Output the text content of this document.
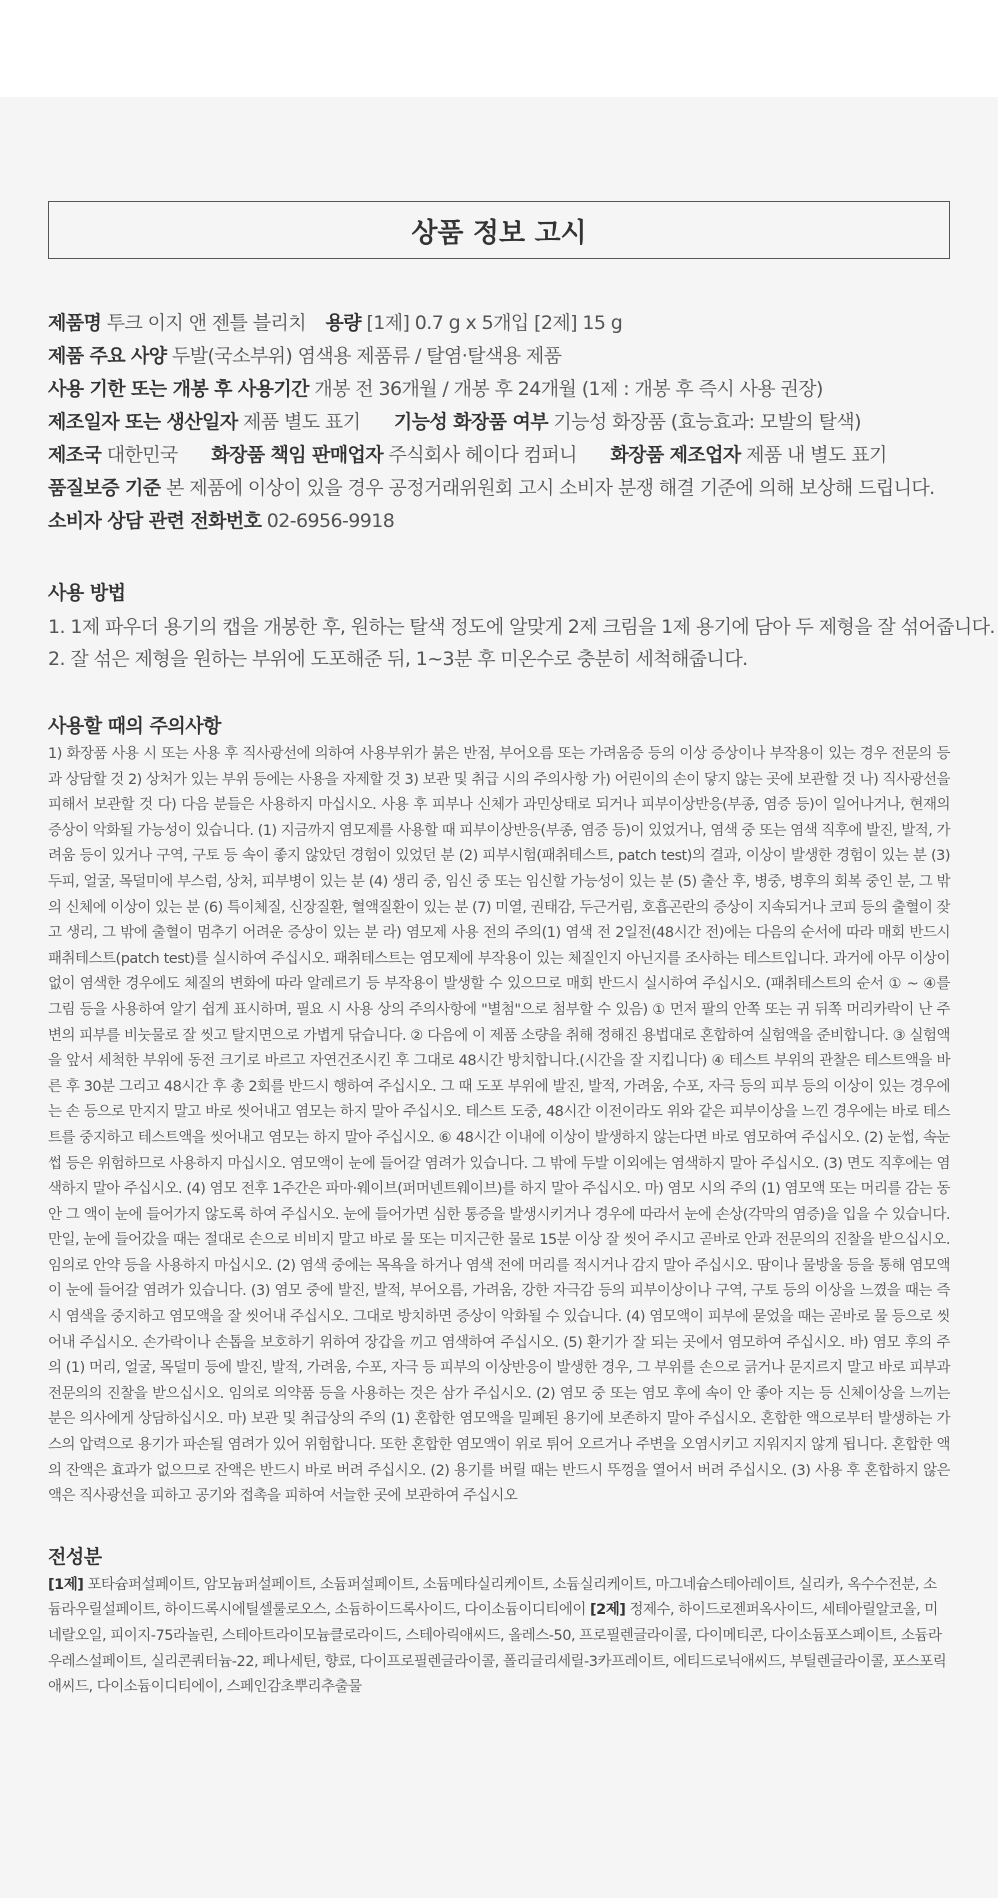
상품 정보 고시
제품명 투크 이지 앤 젠틀 블리치 용량 [1제] 0.7 g x 5개입 [2제] 15 g
제품 주요 사양 두발(국소부위) 염색용 제품류 / 탈염·탈색용 제품
사용 기한 또는 개봉 후 사용기간 개봉 전 36개월 / 개봉 후 24개월 (1제 : 개봉 후 즉시 사용 권장)
제조일자 또는 생산일자 제품 별도 표기 기능성 화장품 여부 기능성 화장품 (효능효과: 모발의 탈색)
제조국 대한민국 화장품 책임 판매업자 주식회사 헤이다 컴퍼니 화장품 제조업자 제품 내 별도 표기
품질보증 기준 본 제품에 이상이 있을 경우 공정거래위원회 고시 소비자 분쟁 해결 기준에 의해 보상해 드립니다.
소비자 상담 관련 전화번호 02-6956-9918
사용 방법
1. 1제 파우더 용기의 캡을 개봉한 후, 원하는 탈색 정도에 알맞게 2제 크림을 1제 용기에 담아 두 제형을 잘 섞어줍니다.
2. 잘 섞은 제형을 원하는 부위에 도포해준 뒤, 1~3분 후 미온수로 충분히 세척해줍니다.
사용할 때의 주의사항
1) 화장품 사용 시 또는 사용 후 직사광선에 의하여 사용부위가 붉은 반점, 부어오름 또는 가려움증 등의 이상 증상이나 부작용이 있는 경우 전문의 등과 상담할 것 2) 상처가 있는 부위 등에는 사용을 자제할 것 3) 보관 및 취급 시의 주의사항 가) 어린이의 손이 닿지 않는 곳에 보관할 것 나) 직사광선을 피해서 보관할 것 다) 다음 분들은 사용하지 마십시오. 사용 후 피부나 신체가 과민상태로 되거나 피부이상반응(부종, 염증 등)이 일어나거나, 현재의 증상이 악화될 가능성이 있습니다. (1) 지금까지 염모제를 사용할 때 피부이상반응(부종, 염증 등)이 있었거나, 염색 중 또는 염색 직후에 발진, 발적, 가려움 등이 있거나 구역, 구토 등 속이 좋지 않았던 경험이 있었던 분 (2) 피부시험(패취테스트, patch test)의 결과, 이상이 발생한 경험이 있는 분 (3) 두피, 얼굴, 목덜미에 부스럼, 상처, 피부병이 있는 분 (4) 생리 중, 임신 중 또는 임신할 가능성이 있는 분 (5) 출산 후, 병중, 병후의 회복 중인 분, 그 밖의 신체에 이상이 있는 분 (6) 특이체질, 신장질환, 혈액질환이 있는 분 (7) 미열, 권태감, 두근거림, 호흡곤란의 증상이 지속되거나 코피 등의 출혈이 잦고 생리, 그 밖에 출혈이 멈추기 어려운 증상이 있는 분 라) 염모제 사용 전의 주의(1) 염색 전 2일전(48시간 전)에는 다음의 순서에 따라 매회 반드시 패취테스트(patch test)를 실시하여 주십시오. 패취테스트는 염모제에 부작용이 있는 체질인지 아닌지를 조사하는 테스트입니다. 과거에 아무 이상이 없이 염색한 경우에도 체질의 변화에 따라 알레르기 등 부작용이 발생할 수 있으므로 매회 반드시 실시하여 주십시오. (패취테스트의 순서 ① ~ ④를 그림 등을 사용하여 알기 쉽게 표시하며, 필요 시 사용 상의 주의사항에 "별첨"으로 첨부할 수 있음) ① 먼저 팔의 안쪽 또는 귀 뒤쪽 머리카락이 난 주변의 피부를 비눗물로 잘 씻고 탈지면으로 가볍게 닦습니다. ② 다음에 이 제품 소량을 취해 정해진 용법대로 혼합하여 실험액을 준비합니다. ③ 실험액을 앞서 세척한 부위에 동전 크기로 바르고 자연건조시킨 후 그대로 48시간 방치합니다.(시간을 잘 지킵니다) ④ 테스트 부위의 관찰은 테스트액을 바른 후 30분 그리고 48시간 후 총 2회를 반드시 행하여 주십시오. 그 때 도포 부위에 발진, 발적, 가려움, 수포, 자극 등의 피부 등의 이상이 있는 경우에는 손 등으로 만지지 말고 바로 씻어내고 염모는 하지 말아 주십시오. 테스트 도중, 48시간 이전이라도 위와 같은 피부이상을 느낀 경우에는 바로 테스트를 중지하고 테스트액을 씻어내고 염모는 하지 말아 주십시오. ⑥ 48시간 이내에 이상이 발생하지 않는다면 바로 염모하여 주십시오. (2) 눈썹, 속눈썹 등은 위험하므로 사용하지 마십시오. 염모액이 눈에 들어갈 염려가 있습니다. 그 밖에 두발 이외에는 염색하지 말아 주십시오. (3) 면도 직후에는 염색하지 말아 주십시오. (4) 염모 전후 1주간은 파마·웨이브(퍼머넨트웨이브)를 하지 말아 주십시오. 마) 염모 시의 주의 (1) 염모액 또는 머리를 감는 동안 그 액이 눈에 들어가지 않도록 하여 주십시오. 눈에 들어가면 심한 통증을 발생시키거나 경우에 따라서 눈에 손상(각막의 염증)을 입을 수 있습니다. 만일, 눈에 들어갔을 때는 절대로 손으로 비비지 말고 바로 물 또는 미지근한 물로 15분 이상 잘 씻어 주시고 곧바로 안과 전문의의 진찰을 받으십시오. 임의로 안약 등을 사용하지 마십시오. (2) 염색 중에는 목욕을 하거나 염색 전에 머리를 적시거나 감지 말아 주십시오. 땀이나 물방울 등을 통해 염모액이 눈에 들어갈 염려가 있습니다. (3) 염모 중에 발진, 발적, 부어오름, 가려움, 강한 자극감 등의 피부이상이나 구역, 구토 등의 이상을 느꼈을 때는 즉시 염색을 중지하고 염모액을 잘 씻어내 주십시오. 그대로 방치하면 증상이 악화될 수 있습니다. (4) 염모액이 피부에 묻었을 때는 곧바로 물 등으로 씻어내 주십시오. 손가락이나 손톱을 보호하기 위하여 장갑을 끼고 염색하여 주십시오. (5) 환기가 잘 되는 곳에서 염모하여 주십시오. 바) 염모 후의 주의 (1) 머리, 얼굴, 목덜미 등에 발진, 발적, 가려움, 수포, 자극 등 피부의 이상반응이 발생한 경우, 그 부위를 손으로 긁거나 문지르지 말고 바로 피부과 전문의의 진찰을 받으십시오. 임의로 의약품 등을 사용하는 것은 삼가 주십시오. (2) 염모 중 또는 염모 후에 속이 안 좋아 지는 등 신체이상을 느끼는 분은 의사에게 상담하십시오. 마) 보관 및 취급상의 주의 (1) 혼합한 염모액을 밀폐된 용기에 보존하지 말아 주십시오. 혼합한 액으로부터 발생하는 가스의 압력으로 용기가 파손될 염려가 있어 위험합니다. 또한 혼합한 염모액이 위로 튀어 오르거나 주변을 오염시키고 지워지지 않게 됩니다. 혼합한 액의 잔액은 효과가 없으므로 잔액은 반드시 바로 버려 주십시오. (2) 용기를 버릴 때는 반드시 뚜껑을 열어서 버려 주십시오. (3) 사용 후 혼합하지 않은 액은 직사광선을 피하고 공기와 접촉을 피하여 서늘한 곳에 보관하여 주십시오
전성분
[1제] 포타슘퍼설페이트, 암모늄퍼설페이트, 소듐퍼설페이트, 소듐메타실리케이트, 소듐실리케이트, 마그네슘스테아레이트, 실리카, 옥수수전분, 소듐라우릴설페이트, 하이드록시에틸셀룰로오스, 소듐하이드록사이드, 다이소듐이디티에이 [2제] 정제수, 하이드로젠퍼옥사이드, 세테아릴알코올, 미네랄오일, 피이지-75라놀린, 스테아트라이모늄클로라이드, 스테아릭애씨드, 올레스-50, 프로필렌글라이콜, 다이메티콘, 다이소듐포스페이트, 소듐라우레스설페이트, 실리콘쿼터늄-22, 페나세틴, 향료, 다이프로필렌글라이콜, 폴리글리세릴-3카프레이트, 에티드로닉애씨드, 부틸렌글라이콜, 포스포릭애씨드, 다이소듐이디티에이, 스페인감초뿌리추출물
